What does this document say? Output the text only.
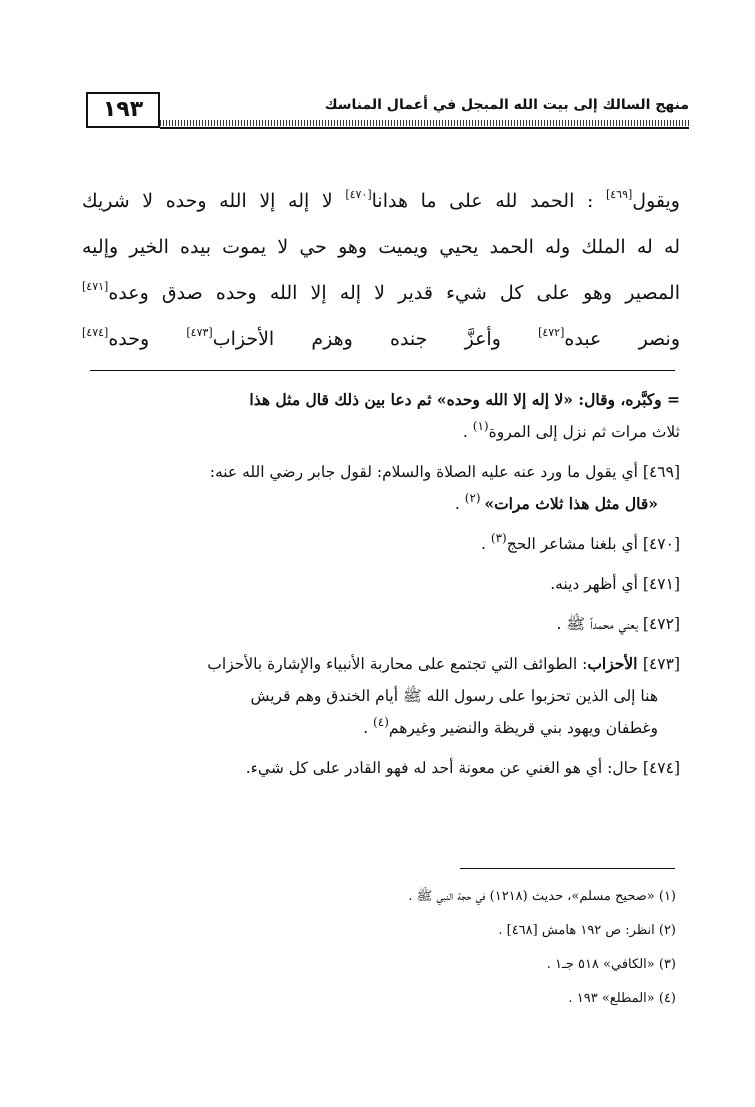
١٩٣	منهج السالك إلى بيت الله المبجل في أعمال المناسك

ويقول[٤٦٩] : الحمد لله على ما هدانا[٤٧٠] لا إله إلا الله وحده لا شريك

له له الملك وله الحمد يحيي ويميت وهو حي لا يموت بيده الخير وإليه

المصير وهو على كل شيء قدير لا إله إلا الله وحده صدق وعده[٤٧١]

ونصر عبده[٤٧٢] وأعزَّ جنده وهزم الأحزاب[٤٧٣] وحده[٤٧٤]

= وكبَّره، وقال: «لا إله إلا الله وحده» ثم دعا بين ذلك قال مثل هذا
ثلاث مرات ثم نزل إلى المروة$^{(١)}$ .
[٤٦٩] أي يقول ما ورد عنه عليه الصلاة والسلام: لقول جابر رضي الله عنه:
«قال مثل هذا ثلاث مرات» $^{(٢)}$ .
[٤٧٠] أي بلغنا مشاعر الحج$^{(٣)}$ .
[٤٧١] أي أظهر دينه.
[٤٧٢] يعني محمداً ﷺ .
[٤٧٣] الأحزاب: الطوائف التي تجتمع على محاربة الأنبياء والإشارة بالأحزاب
هنا إلى الذين تحزبوا على رسول الله ﷺ أيام الخندق وهم قريش
وغطفان ويهود بني قريظة والنضير وغيرهم$^{(٤)}$ .
[٤٧٤] حال: أي هو الغني عن معونة أحد له فهو القادر على كل شيء.
(١) «صحيح مسلم»، حديث (١٢١٨) في حجة النبي ﷺ .
(٢) انظر: ص ١٩٢ هامش [٤٦٨] .
(٣) «الكافي» ٥١٨ جـ١ .
(٤) «المطلع» ١٩٣ .
